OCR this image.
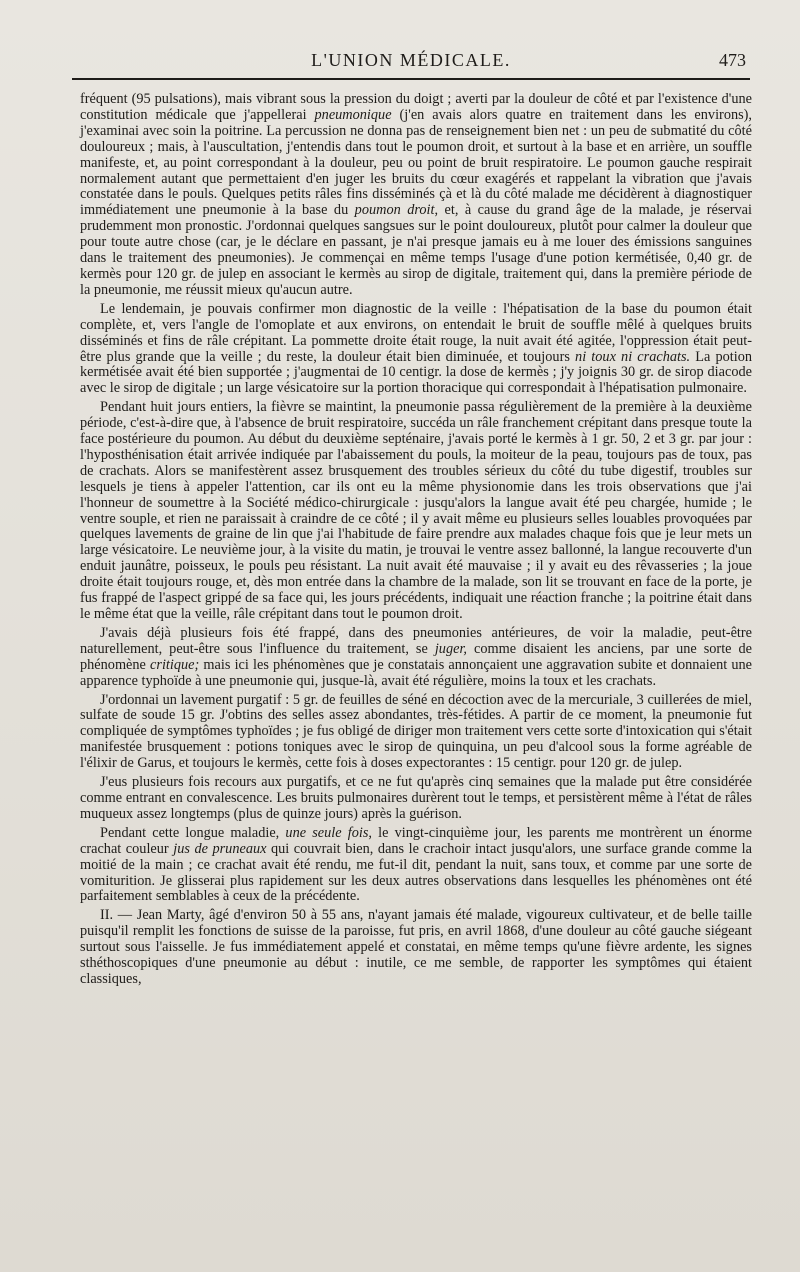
L'UNION MÉDICALE.	473

fréquent (95 pulsations), mais vibrant sous la pression du doigt ; averti par la douleur de côté et par l'existence d'une constitution médicale que j'appellerai pneumonique (j'en avais alors quatre en traitement dans les environs), j'examinai avec soin la poitrine. La percussion ne donna pas de renseignement bien net : un peu de submatité du côté douloureux ; mais, à l'auscultation, j'entendis dans tout le poumon droit, et surtout à la base et en arrière, un souffle manifeste, et, au point correspondant à la douleur, peu ou point de bruit respiratoire. Le poumon gauche respirait normalement autant que permettaient d'en juger les bruits du cœur exagérés et rappelant la vibration que j'avais constatée dans le pouls. Quelques petits râles fins disséminés çà et là du côté malade me décidèrent à diagnostiquer immédiatement une pneumonie à la base du poumon droit, et, à cause du grand âge de la malade, je réservai prudemment mon pronostic. J'ordonnai quelques sangsues sur le point douloureux, plutôt pour calmer la douleur que pour toute autre chose (car, je le déclare en passant, je n'ai presque jamais eu à me louer des émissions sanguines dans le traitement des pneumonies). Je commençai en même temps l'usage d'une potion kermétisée, 0,40 gr. de kermès pour 120 gr. de julep en associant le kermès au sirop de digitale, traitement qui, dans la première période de la pneumonie, me réussit mieux qu'aucun autre.

Le lendemain, je pouvais confirmer mon diagnostic de la veille : l'hépatisation de la base du poumon était complète, et, vers l'angle de l'omoplate et aux environs, on entendait le bruit de souffle mêlé à quelques bruits disséminés et fins de râle crépitant. La pommette droite était rouge, la nuit avait été agitée, l'oppression était peut-être plus grande que la veille ; du reste, la douleur était bien diminuée, et toujours ni toux ni crachats. La potion kermétisée avait été bien supportée ; j'augmentai de 10 centigr. la dose de kermès ; j'y joignis 30 gr. de sirop diacode avec le sirop de digitale ; un large vésicatoire sur la portion thoracique qui correspondait à l'hépatisation pulmonaire.

Pendant huit jours entiers, la fièvre se maintint, la pneumonie passa régulièrement de la première à la deuxième période, c'est-à-dire que, à l'absence de bruit respiratoire, succéda un râle franchement crépitant dans presque toute la face postérieure du poumon. Au début du deuxième septénaire, j'avais porté le kermès à 1 gr. 50, 2 et 3 gr. par jour : l'hyposthénisation était arrivée indiquée par l'abaissement du pouls, la moiteur de la peau, toujours pas de toux, pas de crachats. Alors se manifestèrent assez brusquement des troubles sérieux du côté du tube digestif, troubles sur lesquels je tiens à appeler l'attention, car ils ont eu la même physionomie dans les trois observations que j'ai l'honneur de soumettre à la Société médico-chirurgicale : jusqu'alors la langue avait été peu chargée, humide ; le ventre souple, et rien ne paraissait à craindre de ce côté ; il y avait même eu plusieurs selles louables provoquées par quelques lavements de graine de lin que j'ai l'habitude de faire prendre aux malades chaque fois que je leur mets un large vésicatoire. Le neuvième jour, à la visite du matin, je trouvai le ventre assez ballonné, la langue recouverte d'un enduit jaunâtre, poisseux, le pouls peu résistant. La nuit avait été mauvaise ; il y avait eu des rêvasseries ; la joue droite était toujours rouge, et, dès mon entrée dans la chambre de la malade, son lit se trouvant en face de la porte, je fus frappé de l'aspect grippé de sa face qui, les jours précédents, indiquait une réaction franche ; la poitrine était dans le même état que la veille, râle crépitant dans tout le poumon droit.

J'avais déjà plusieurs fois été frappé, dans des pneumonies antérieures, de voir la maladie, peut-être naturellement, peut-être sous l'influence du traitement, se juger, comme disaient les anciens, par une sorte de phénomène critique; mais ici les phénomènes que je constatais annonçaient une aggravation subite et donnaient une apparence typhoïde à une pneumonie qui, jusque-là, avait été régulière, moins la toux et les crachats.

J'ordonnai un lavement purgatif : 5 gr. de feuilles de séné en décoction avec de la mercuriale, 3 cuillerées de miel, sulfate de soude 15 gr. J'obtins des selles assez abondantes, très-fétides. A partir de ce moment, la pneumonie fut compliquée de symptômes typhoïdes ; je fus obligé de diriger mon traitement vers cette sorte d'intoxication qui s'était manifestée brusquement : potions toniques avec le sirop de quinquina, un peu d'alcool sous la forme agréable de l'élixir de Garus, et toujours le kermès, cette fois à doses expectorantes : 15 centigr. pour 120 gr. de julep.

J'eus plusieurs fois recours aux purgatifs, et ce ne fut qu'après cinq semaines que la malade put être considérée comme entrant en convalescence. Les bruits pulmonaires durèrent tout le temps, et persistèrent même à l'état de râles muqueux assez longtemps (plus de quinze jours) après la guérison.

Pendant cette longue maladie, une seule fois, le vingt-cinquième jour, les parents me montrèrent un énorme crachat couleur jus de pruneaux qui couvrait bien, dans le crachoir intact jusqu'alors, une surface grande comme la moitié de la main ; ce crachat avait été rendu, me fut-il dit, pendant la nuit, sans toux, et comme par une sorte de vomiturition. Je glisserai plus rapidement sur les deux autres observations dans lesquelles les phénomènes ont été parfaitement semblables à ceux de la précédente.

II. — Jean Marty, âgé d'environ 50 à 55 ans, n'ayant jamais été malade, vigoureux cultivateur, et de belle taille puisqu'il remplit les fonctions de suisse de la paroisse, fut pris, en avril 1868, d'une douleur au côté gauche siégeant surtout sous l'aisselle. Je fus immédiatement appelé et constatai, en même temps qu'une fièvre ardente, les signes sthéthoscopiques d'une pneumonie au début : inutile, ce me semble, de rapporter les symptômes qui étaient classiques,
